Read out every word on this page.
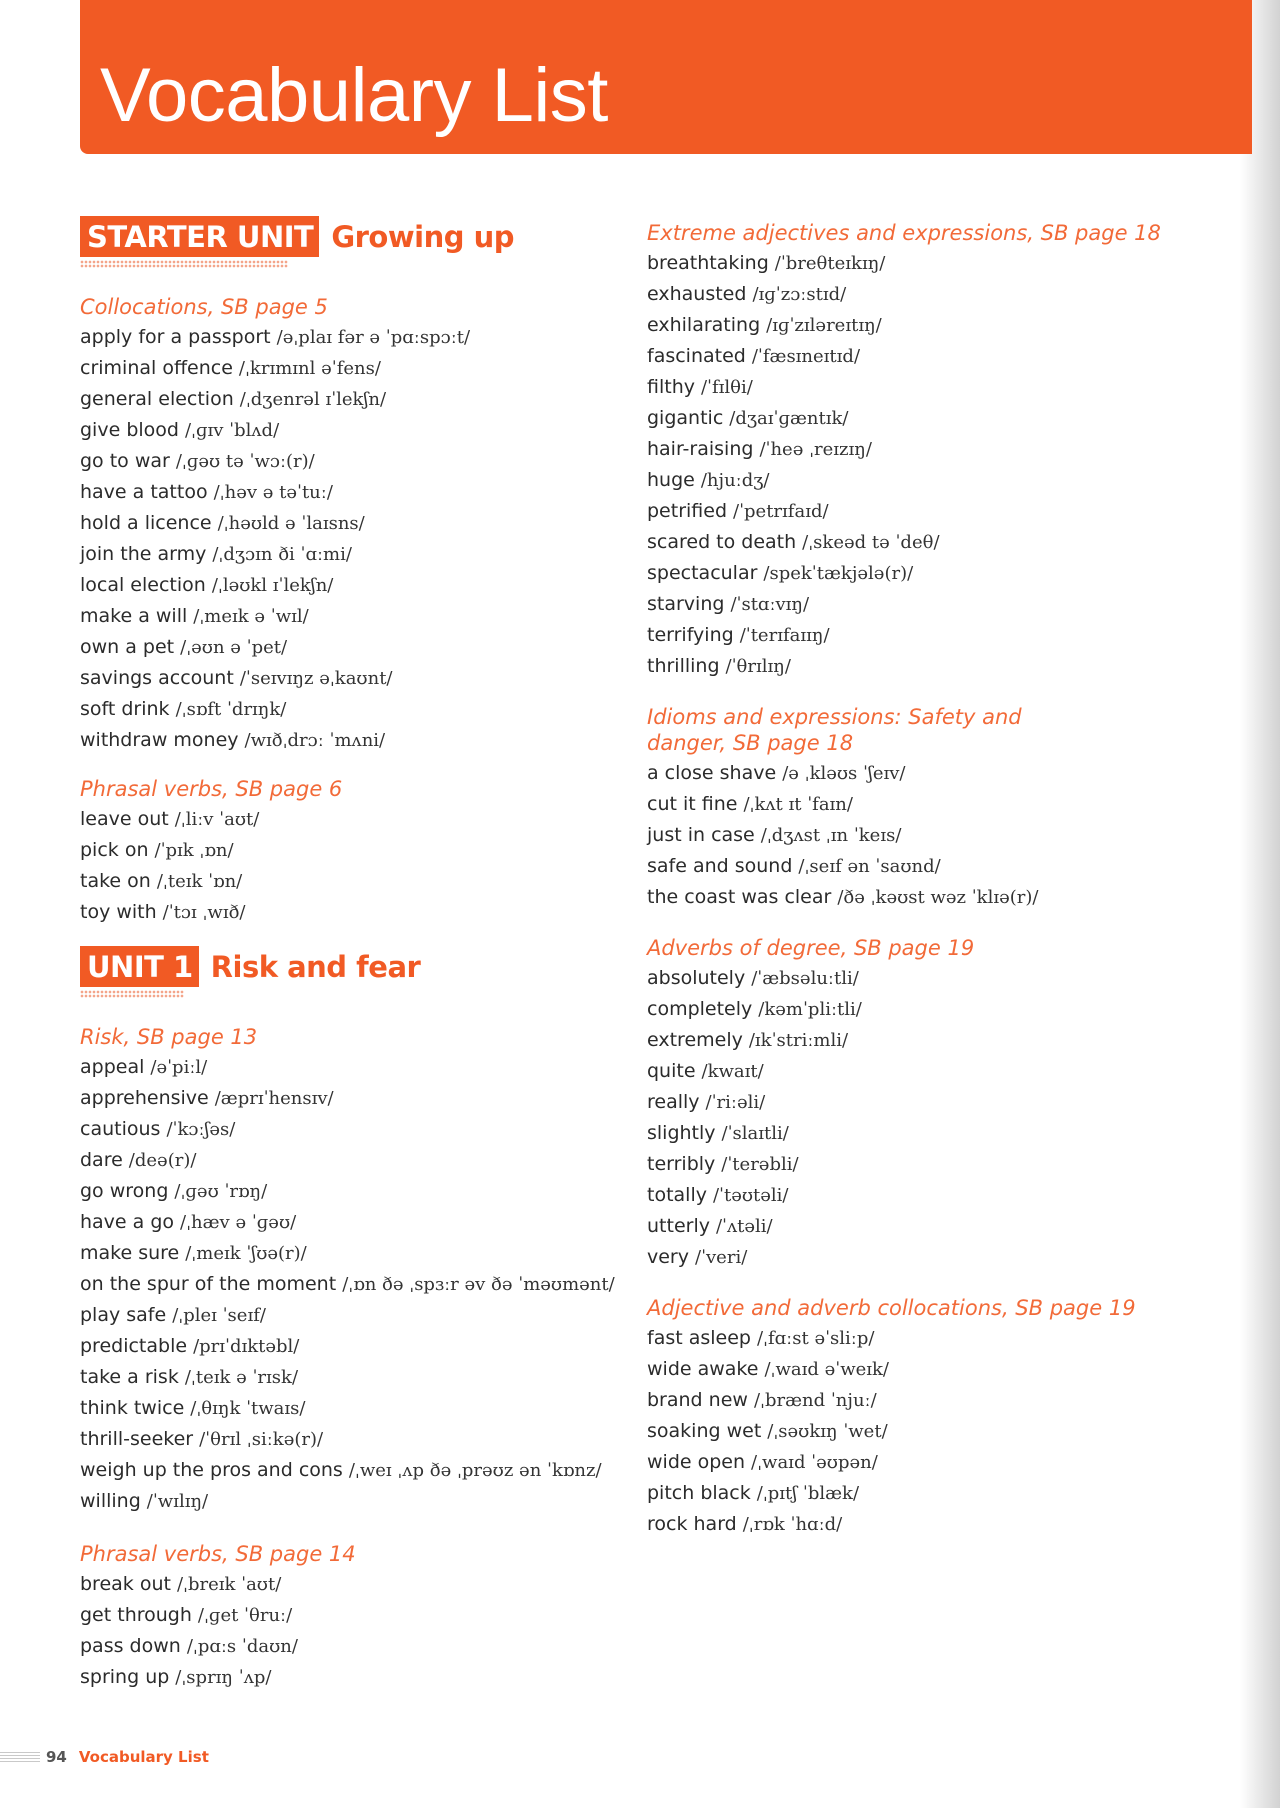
Vocabulary List
STARTER UNIT Growing up
Collocations, SB page 5
apply for a passport /əˌplaɪ fər ə ˈpɑːspɔːt/
criminal offence /ˌkrɪmɪnl əˈfens/
general election /ˌdʒenrəl ɪˈlekʃn/
give blood /ˌɡɪv ˈblʌd/
go to war /ˌɡəʊ tə ˈwɔː(r)/
have a tattoo /ˌhəv ə təˈtuː/
hold a licence /ˌhəʊld ə ˈlaɪsns/
join the army /ˌdʒɔɪn ði ˈɑːmi/
local election /ˌləʊkl ɪˈlekʃn/
make a will /ˌmeɪk ə ˈwɪl/
own a pet /ˌəʊn ə ˈpet/
savings account /ˈseɪvɪŋz əˌkaʊnt/
soft drink /ˌsɒft ˈdrɪŋk/
withdraw money /wɪðˌdrɔː ˈmʌni/
Phrasal verbs, SB page 6
leave out /ˌliːv ˈaʊt/
pick on /ˈpɪk ˌɒn/
take on /ˌteɪk ˈɒn/
toy with /ˈtɔɪ ˌwɪð/
UNIT 1 Risk and fear
Risk, SB page 13
appeal /əˈpiːl/
apprehensive /æprɪˈhensɪv/
cautious /ˈkɔːʃəs/
dare /deə(r)/
go wrong /ˌɡəʊ ˈrɒŋ/
have a go /ˌhæv ə ˈɡəʊ/
make sure /ˌmeɪk ˈʃʊə(r)/
on the spur of the moment /ˌɒn ðə ˌspɜːr əv ðə ˈməʊmənt/
play safe /ˌpleɪ ˈseɪf/
predictable /prɪˈdɪktəbl/
take a risk /ˌteɪk ə ˈrɪsk/
think twice /ˌθɪŋk ˈtwaɪs/
thrill-seeker /ˈθrɪl ˌsiːkə(r)/
weigh up the pros and cons /ˌweɪ ˌʌp ðə ˌprəʊz ən ˈkɒnz/
willing /ˈwɪlɪŋ/
Phrasal verbs, SB page 14
break out /ˌbreɪk ˈaʊt/
get through /ˌɡet ˈθruː/
pass down /ˌpɑːs ˈdaʊn/
spring up /ˌsprɪŋ ˈʌp/
Extreme adjectives and expressions, SB page 18
breathtaking /ˈbreθteɪkɪŋ/
exhausted /ɪɡˈzɔːstɪd/
exhilarating /ɪɡˈzɪləreɪtɪŋ/
fascinated /ˈfæsɪneɪtɪd/
filthy /ˈfɪlθi/
gigantic /dʒaɪˈɡæntɪk/
hair-raising /ˈheə ˌreɪzɪŋ/
huge /hjuːdʒ/
petrified /ˈpetrɪfaɪd/
scared to death /ˌskeəd tə ˈdeθ/
spectacular /spekˈtækjələ(r)/
starving /ˈstɑːvɪŋ/
terrifying /ˈterɪfaɪɪŋ/
thrilling /ˈθrɪlɪŋ/
Idioms and expressions: Safety and danger, SB page 18
a close shave /ə ˌkləʊs ˈʃeɪv/
cut it fine /ˌkʌt ɪt ˈfaɪn/
just in case /ˌdʒʌst ˌɪn ˈkeɪs/
safe and sound /ˌseɪf ən ˈsaʊnd/
the coast was clear /ðə ˌkəʊst wəz ˈklɪə(r)/
Adverbs of degree, SB page 19
absolutely /ˈæbsəluːtli/
completely /kəmˈpliːtli/
extremely /ɪkˈstriːmli/
quite /kwaɪt/
really /ˈriːəli/
slightly /ˈslaɪtli/
terribly /ˈterəbli/
totally /ˈtəʊtəli/
utterly /ˈʌtəli/
very /ˈveri/
Adjective and adverb collocations, SB page 19
fast asleep /ˌfɑːst əˈsliːp/
wide awake /ˌwaɪd əˈweɪk/
brand new /ˌbrænd ˈnjuː/
soaking wet /ˌsəʊkɪŋ ˈwet/
wide open /ˌwaɪd ˈəʊpən/
pitch black /ˌpɪtʃ ˈblæk/
rock hard /ˌrɒk ˈhɑːd/
94 Vocabulary List
